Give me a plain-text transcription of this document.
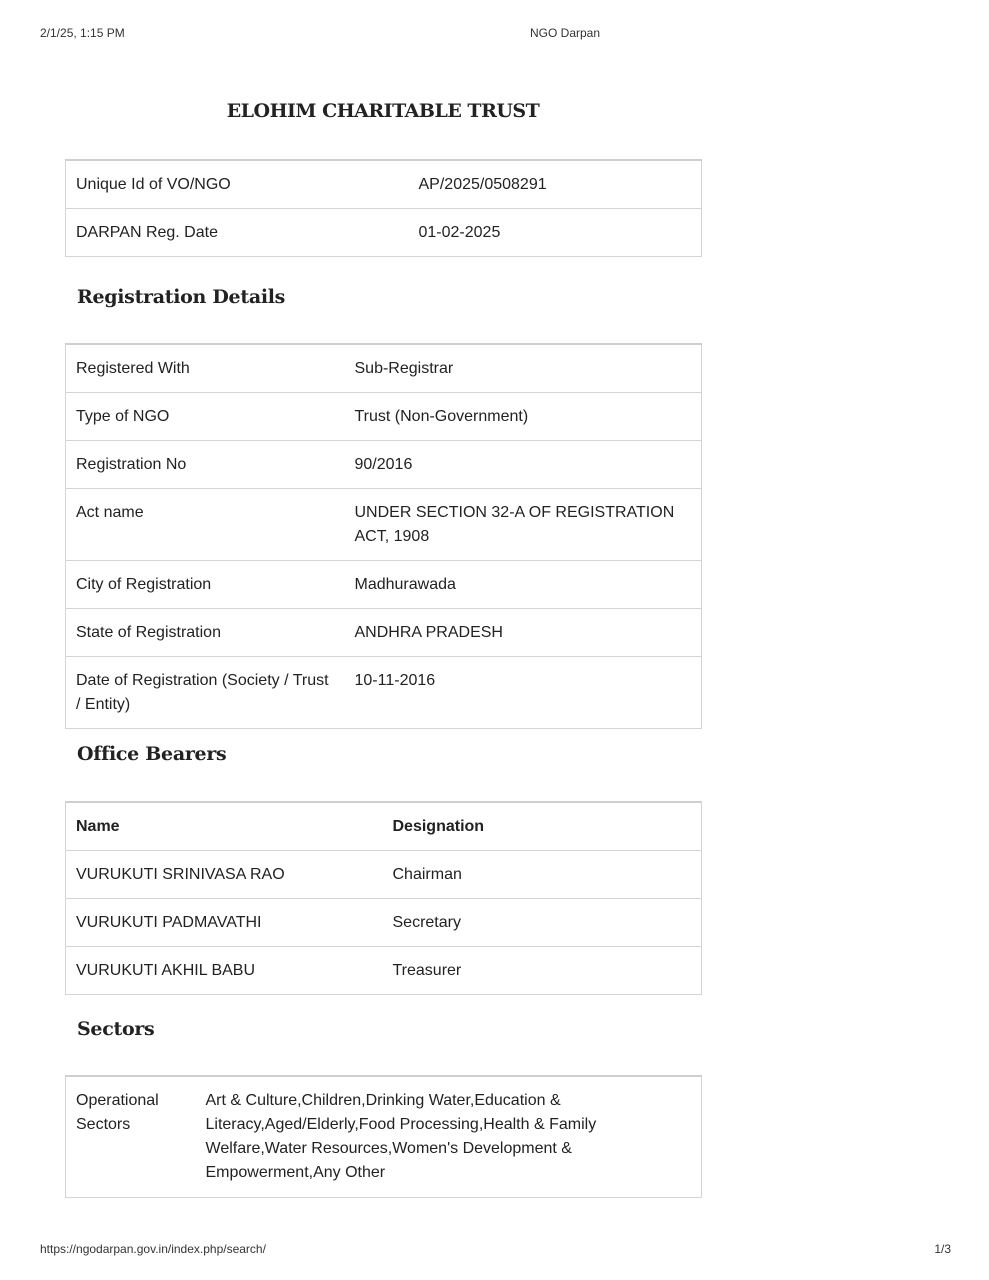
2/1/25, 1:15 PM	NGO Darpan
ELOHIM CHARITABLE TRUST
Unique Id of VO/NGO	AP/2025/0508291
DARPAN Reg. Date	01-02-2025
Registration Details
Registered With	Sub-Registrar
Type of NGO	Trust (Non-Government)
Registration No	90/2016
Act name	UNDER SECTION 32-A OF REGISTRATION ACT, 1908
City of Registration	Madhurawada
State of Registration	ANDHRA PRADESH
Date of Registration (Society / Trust / Entity)	10-11-2016
Office Bearers
Name	Designation
VURUKUTI SRINIVASA RAO	Chairman
VURUKUTI PADMAVATHI	Secretary
VURUKUTI AKHIL BABU	Treasurer
Sectors
Operational Sectors	Art & Culture,Children,Drinking Water,Education & Literacy,Aged/Elderly,Food Processing,Health & Family Welfare,Water Resources,Women's Development & Empowerment,Any Other
https://ngodarpan.gov.in/index.php/search/	1/3
